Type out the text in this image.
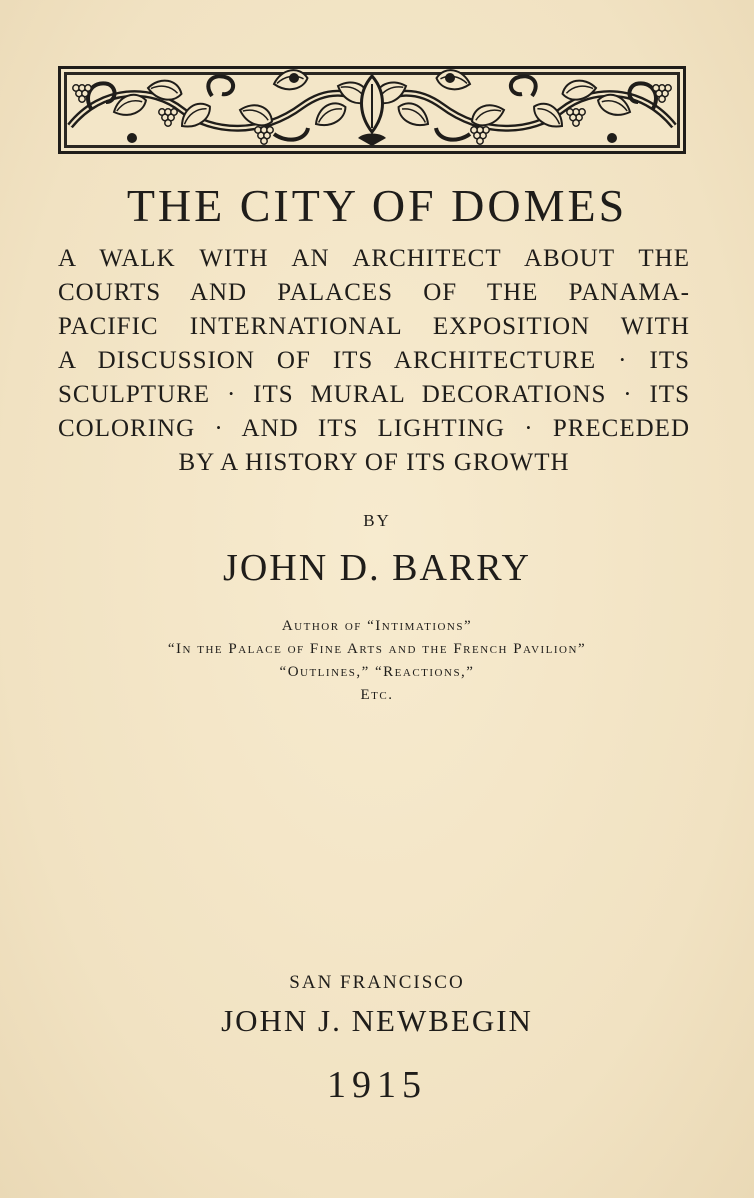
THE CITY OF DOMES
A WALK WITH AN ARCHITECT ABOUT THE
COURTS AND PALACES OF THE PANAMA-
PACIFIC INTERNATIONAL EXPOSITION WITH
A DISCUSSION OF ITS ARCHITECTURE · ITS
SCULPTURE · ITS MURAL DECORATIONS · ITS
COLORING · AND ITS LIGHTING · PRECEDED
BY A HISTORY OF ITS GROWTH
BY
JOHN D. BARRY
Author of “Intimations”
“In the Palace of Fine Arts and the French Pavilion”
“Outlines,” “Reactions,”
Etc.
SAN FRANCISCO
JOHN J. NEWBEGIN
1915
